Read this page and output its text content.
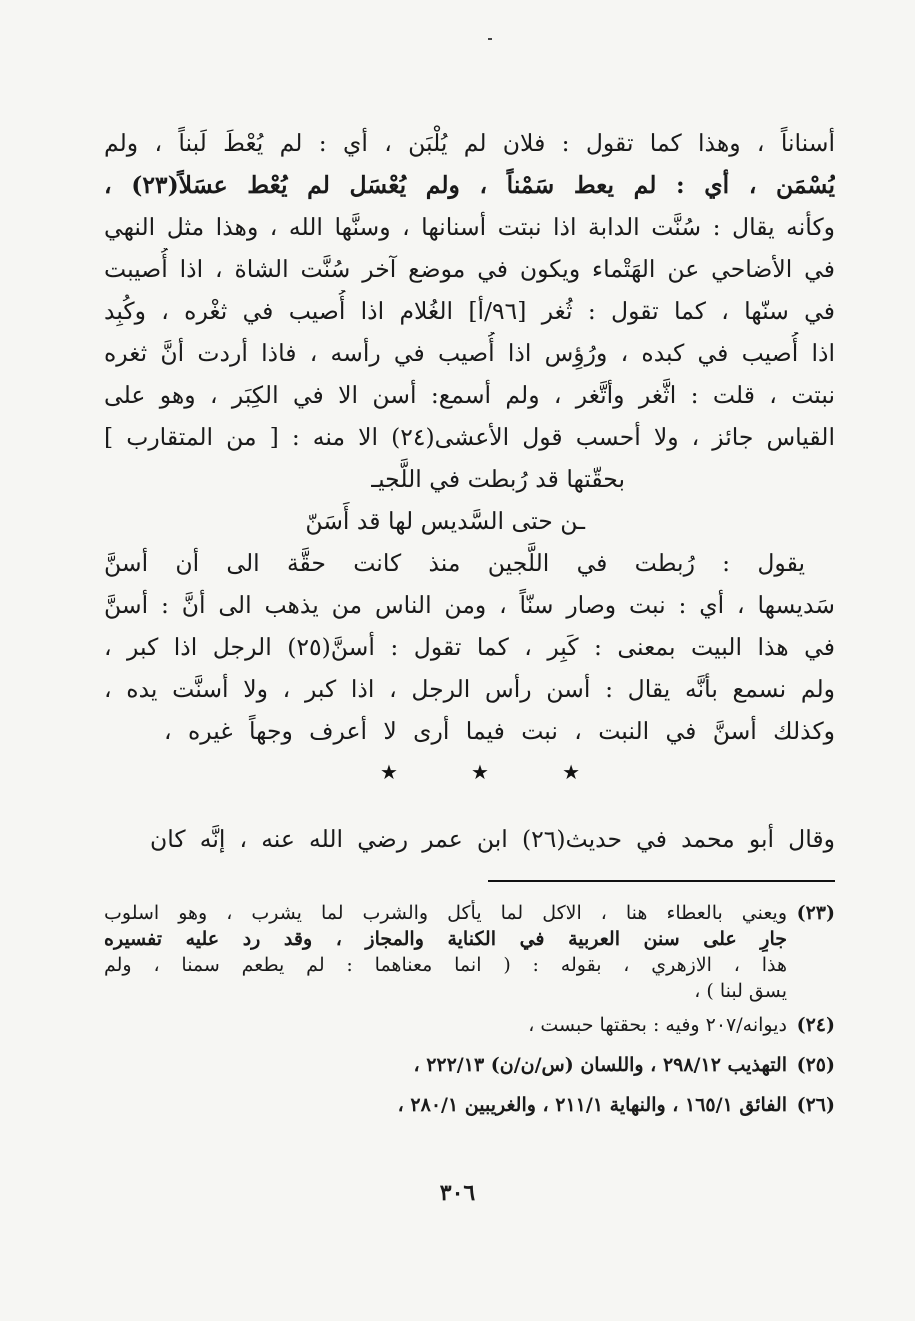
أسناناً ، وهذا كما تقول : فلان لم يُلْبَن ، أي : لم يُعْطَ لَبناً ، ولم
يُسْمَن ، أي : لم يعط سَمْناً ، ولم يُعْسَل لم يُعْط عسَلاً(٢٣) ،
وكأنه يقال : سُنَّت الدابة اذا نبتت أسنانها ، وسنَّها الله ، وهذا مثل النهي
في الأضاحي عن الهَتْماء ويكون في موضع آخر سُنَّت الشاة ، اذا أُصيبت
في سنّها ، كما تقول : ثُغر [٩٦/أ] الغُلام اذا أُصيب في ثغْره ، وكُبِد
اذا أُصيب في كبده ، ورُؤِس اذا أُصيب في رأسه ، فاذا أردت أنَّ ثغره
نبتت ، قلت : اثَّغر وأتَّغر ، ولم أسمع: أسن الا في الكِبَر ، وهو على
القياس جائز ، ولا أحسب قول الأعشى(٢٤) الا منه : [ من المتقارب ]
بحقّتها قد رُبطت في اللَّجيـ
ـن حتى السَّديس لها قد أَسَنّ
يقول : رُبطت في اللَّجين منذ كانت حقَّة الى أن أسنَّ
سَديسها ، أي : نبت وصار سنّاً ، ومن الناس من يذهب الى أنَّ : أسنَّ
في هذا البيت بمعنى : كَبِر ، كما تقول : أسنَّ(٢٥) الرجل اذا كبر ،
ولم نسمع بأنَّه يقال : أسن رأس الرجل ، اذا كبر ، ولا أسنَّت يده ،
وكذلك أسنَّ في النبت ، نبت فيما أرى لا أعرف وجهاً غيره ،
★	★	★
وقال أبو محمد في حديث(٢٦) ابن عمر رضي الله عنه ، إنَّه كان
(٢٣)
ويعني بالعطاء هنا ، الاكل لما يأكل والشرب لما يشرب ، وهو اسلوب
جارٍ على سنن العربية في الكناية والمجاز ، وقد رد عليه تفسيره
هذا ، الازهري ، بقوله : ( انما معناهما : لم يطعم سمنا ، ولم
يسق لبنا ) ،
(٢٤)
ديوانه/٢٠٧ وفيه : بحقتها حبست ،
(٢٥)
التهذيب ٢٩٨/١٢ ، واللسان (س/ن/ن) ٢٢٢/١٣ ،
(٢٦)
الفائق ١٦٥/١ ، والنهاية ٢١١/١ ، والغريبين ٢٨٠/١ ،
٣٠٦
